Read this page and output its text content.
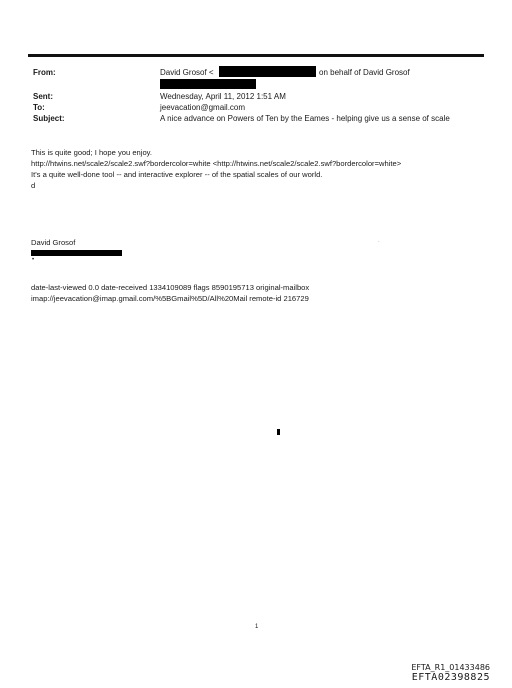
From:	David Grosof <	on behalf of David Grosof
Sent:	Wednesday, April 11, 2012 1:51 AM
To:	jeevacation@gmail.com
Subject:	A nice advance on Powers of Ten by the Eames - helping give us a sense of scale
This is quite good; I hope you enjoy.
http://htwins.net/scale2/scale2.swf?bordercolor=white <http://htwins.net/scale2/scale2.swf?bordercolor=white>
It's a quite well-done tool -- and interactive explorer -- of the spatial scales of our world.
d
David Grosof
•
·
date-last-viewed 0.0 date-received 1334109089 flags 8590195713 original-mailbox
imap://jeevacation@imap.gmail.com/%5BGmail%5D/All%20Mail remote-id 216729
1
EFTA_R1_01433486
EFTA02398825
